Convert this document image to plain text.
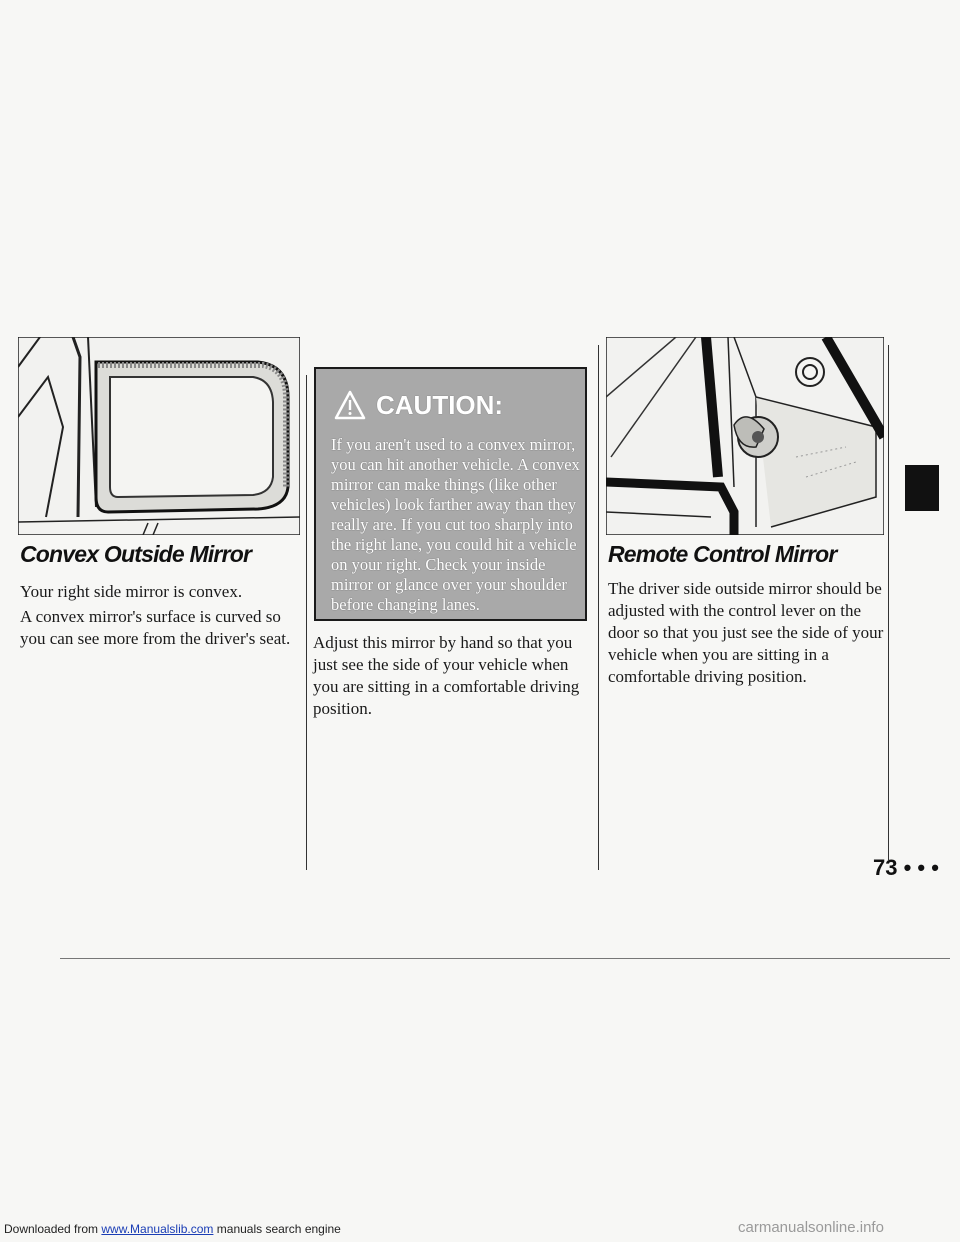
Convex Outside Mirror

Your right side mirror is convex.

A convex mirror's surface is curved so you can see more from the driver's seat.

CAUTION:

If you aren't used to a convex mirror, you can hit another vehicle. A convex mirror can make things (like other vehicles) look farther away than they really are. If you cut too sharply into the right lane, you could hit a vehicle on your right. Check your inside mirror or glance over your shoulder before changing lanes.

Adjust this mirror by hand so that you just see the side of your vehicle when you are sitting in a comfortable driving position.

Remote Control Mirror

The driver side outside mirror should be adjusted with the control lever on the door so that you just see the side of your vehicle when you are sitting in a comfortable driving position.

73 • • •
Downloaded from www.Manualslib.com manuals search engine	carmanualsonline.info
